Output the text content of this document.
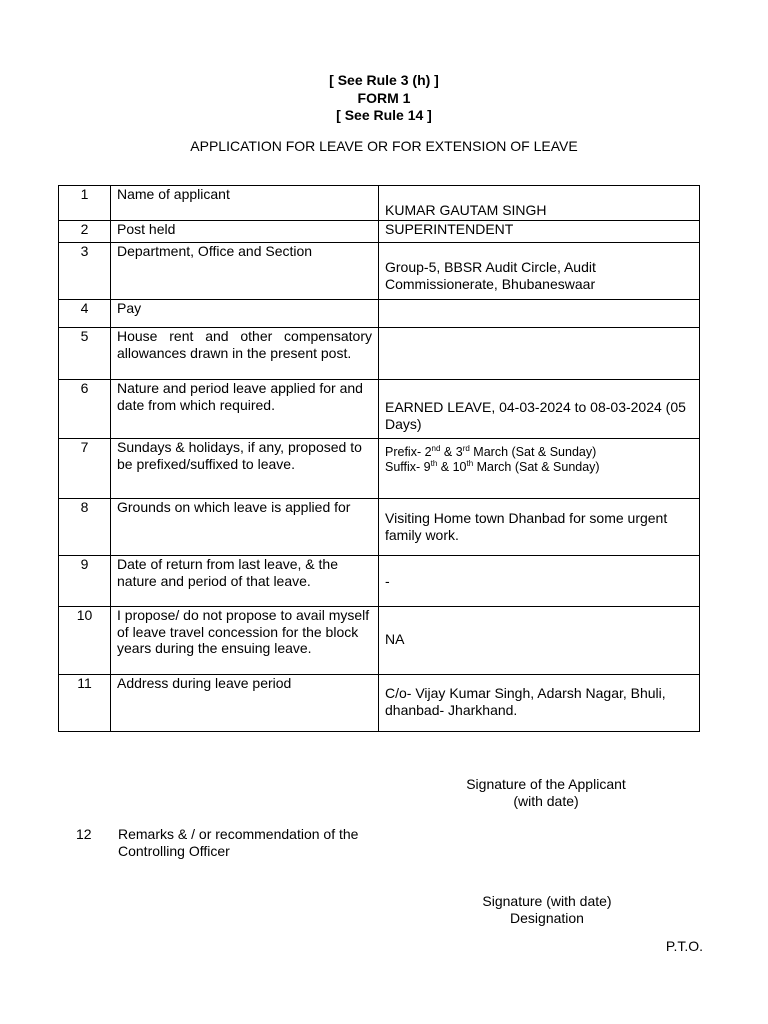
[ See Rule 3 (h) ]
FORM 1
[ See Rule 14 ]
APPLICATION FOR LEAVE OR FOR EXTENSION OF LEAVE
1	Name of applicant	KUMAR GAUTAM SINGH

2	Post held	SUPERINTENDENT

3	Department, Office and Section	Group-5, BBSR Audit Circle, Audit Commissionerate, Bhubaneswaar

4	Pay	
5	House rent and other compensatory allowances drawn in the present post.	
6	Nature and period leave applied for and date from which required.	EARNED LEAVE, 04-03-2024 to 08-03-2024 (05 Days)

7	Sundays & holidays, if any, proposed to be prefixed/suffixed to leave.	Prefix- 2nd & 3rd March (Sat & Sunday)
Suffix- 9th & 10th March (Sat & Sunday)

8	Grounds on which leave is applied for	Visiting Home town Dhanbad for some urgent family work.

9	Date of return from last leave, & the nature and period of that leave.	-

10	I propose/ do not propose to avail myself of leave travel concession for the block years during the ensuing leave.	NA

11	Address during leave period	C/o- Vijay Kumar Singh, Adarsh Nagar, Bhuli, dhanbad- Jharkhand.
Signature of the Applicant
(with date)
12 Remarks & / or recommendation of the Controlling Officer
Signature (with date)
Designation
P.T.O.
